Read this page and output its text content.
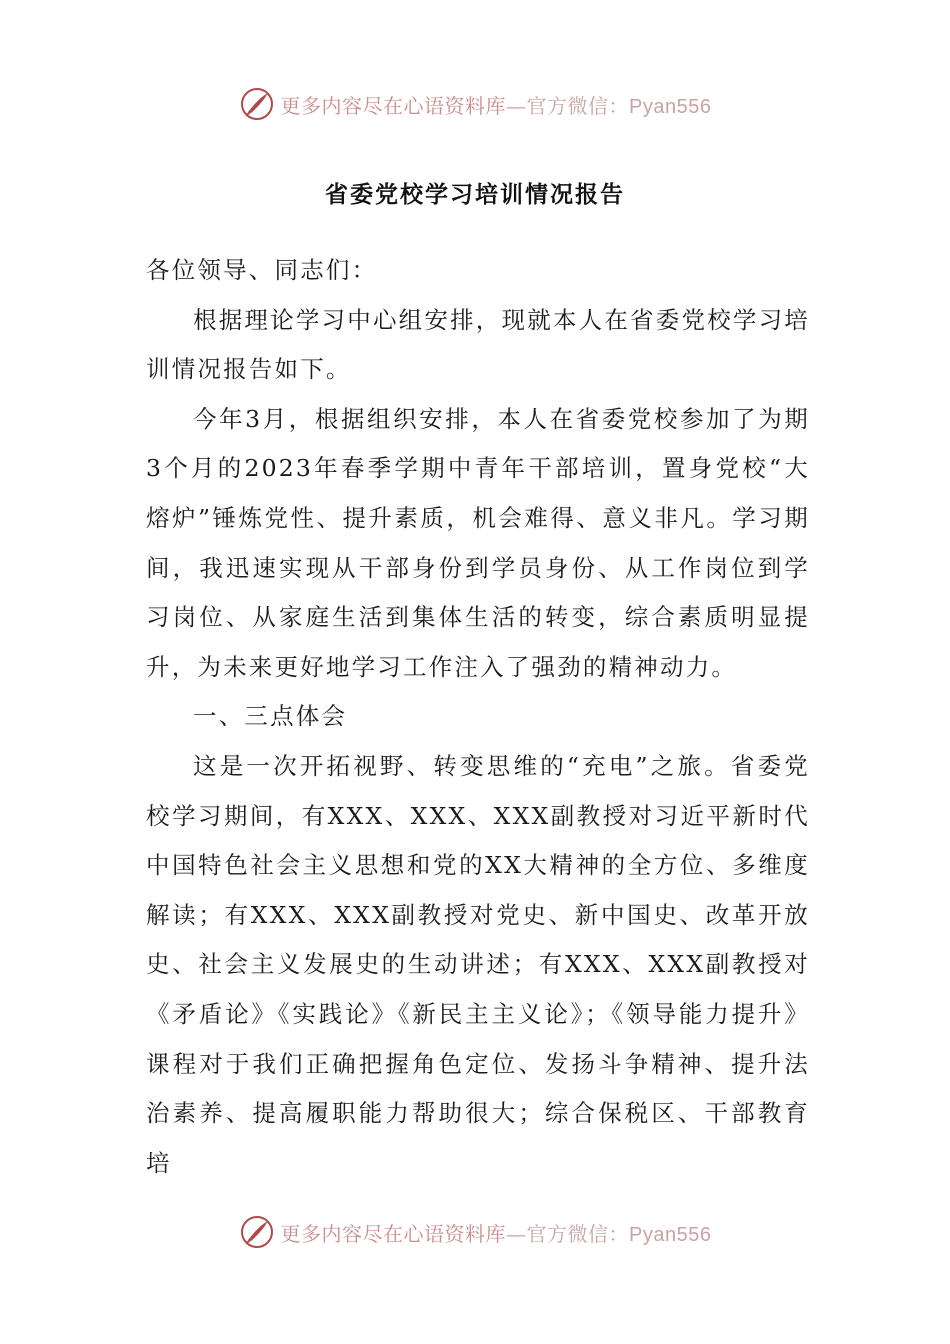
更多内容尽在心语资料库—官方微信：Pyan556
省委党校学习培训情况报告

各位领导、同志们：

根据理论学习中心组安排，现就本人在省委党校学习培训情况报告如下。

今年3月，根据组织安排，本人在省委党校参加了为期3个月的2023年春季学期中青年干部培训，置身党校“大熔炉”锤炼党性、提升素质，机会难得、意义非凡。学习期间，我迅速实现从干部身份到学员身份、从工作岗位到学习岗位、从家庭生活到集体生活的转变，综合素质明显提升，为未来更好地学习工作注入了强劲的精神动力。

一、三点体会

这是一次开拓视野、转变思维的“充电”之旅。省委党校学习期间，有XXX、XXX、XXX副教授对习近平新时代中国特色社会主义思想和党的XX大精神的全方位、多维度解读；有XXX、XXX副教授对党史、新中国史、改革开放史、社会主义发展史的生动讲述；有XXX、XXX副教授对《矛盾论》《实践论》《新民主主义论》；《领导能力提升》课程对于我们正确把握角色定位、发扬斗争精神、提升法治素养、提高履职能力帮助很大；综合保税区、干部教育培

更多内容尽在心语资料库—官方微信：Pyan556
